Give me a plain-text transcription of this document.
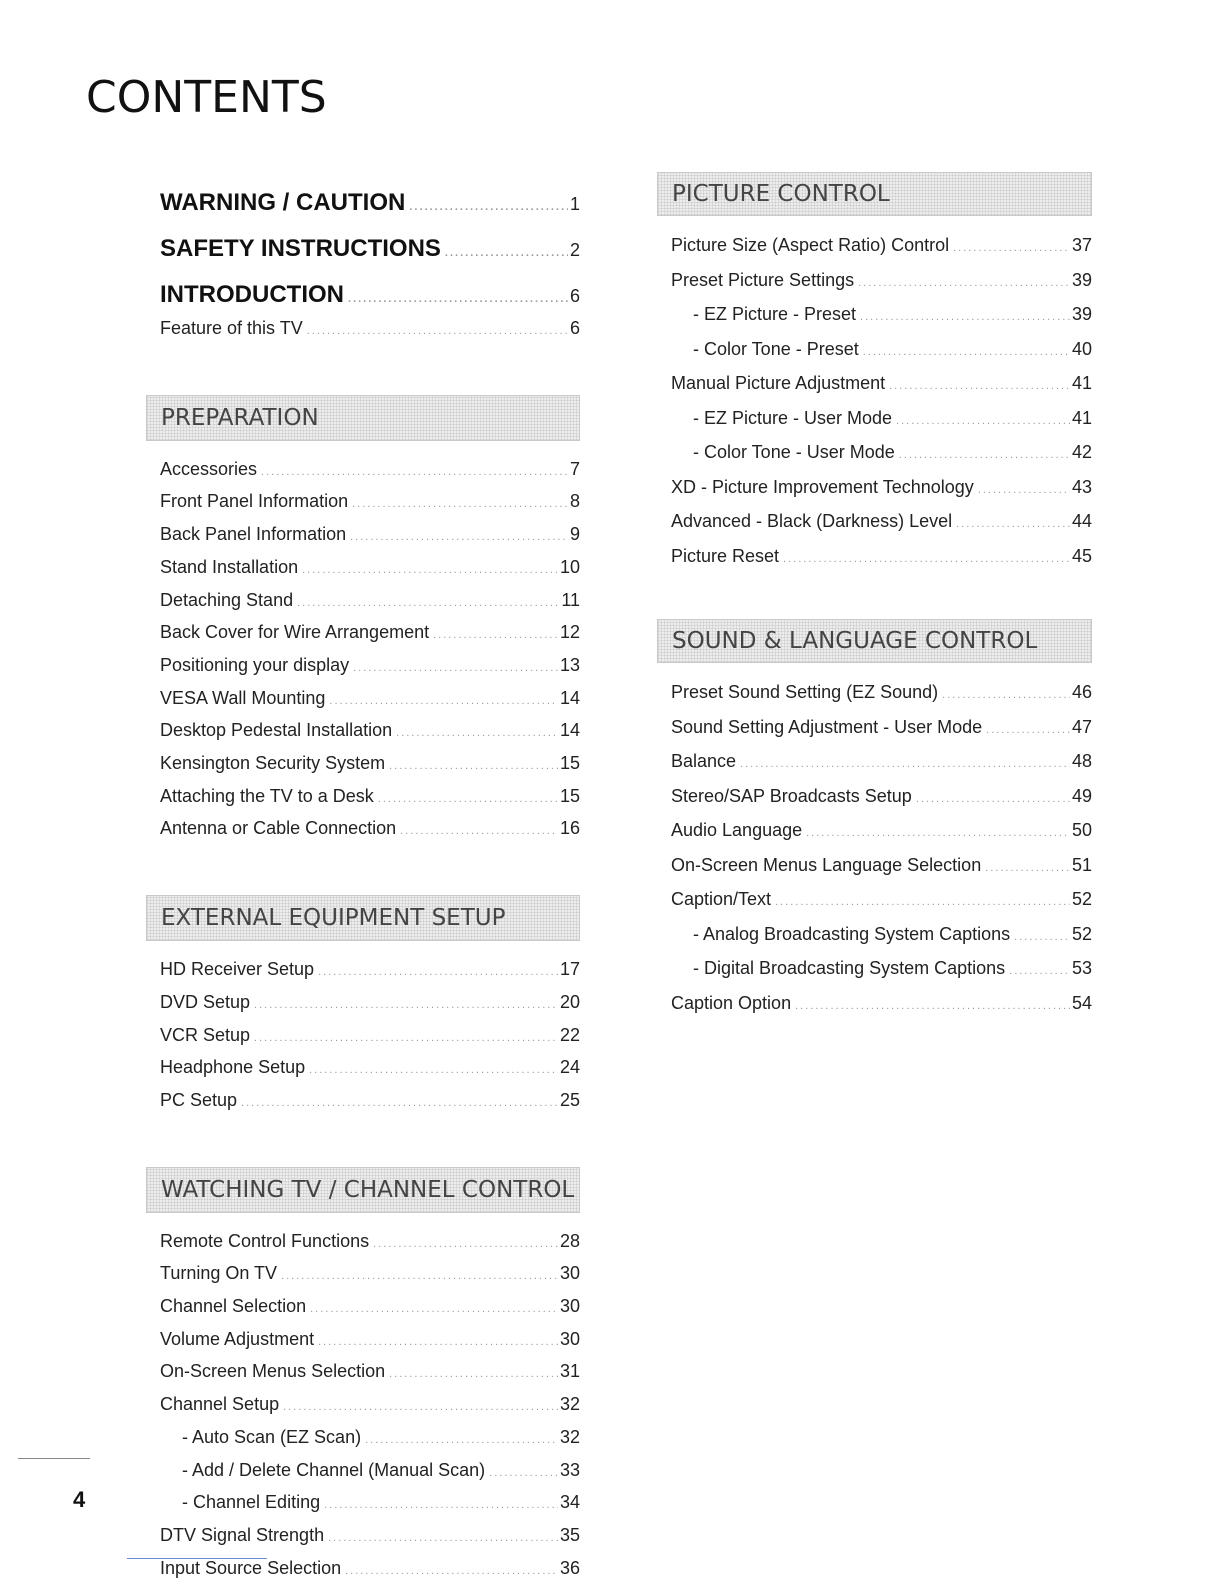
CONTENTS
WARNING / CAUTION .....	1
SAFETY INSTRUCTIONS .....	2
INTRODUCTION .....	6
Feature of this TV .....	6
PREPARATION
Accessories .....	7
Front Panel Information .....	8
Back Panel Information .....	9
Stand Installation .....	10
Detaching Stand .....	11
Back Cover for Wire Arrangement .....	12
Positioning your display .....	13
VESA Wall Mounting .....	14
Desktop Pedestal Installation .....	14
Kensington Security System .....	15
Attaching the TV to a Desk .....	15
Antenna or Cable Connection .....	16
EXTERNAL EQUIPMENT SETUP
HD Receiver Setup .....	17
DVD Setup .....	20
VCR Setup .....	22
Headphone Setup .....	24
PC Setup .....	25
WATCHING TV / CHANNEL CONTROL
Remote Control Functions .....	28
Turning On TV .....	30
Channel Selection .....	30
Volume Adjustment .....	30
On-Screen Menus Selection .....	31
Channel Setup .....	32
- Auto Scan (EZ Scan) .....	32
- Add / Delete Channel (Manual Scan) .....	33
- Channel Editing .....	34
DTV Signal Strength .....	35
Input Source Selection .....	36
PICTURE CONTROL
Picture Size (Aspect Ratio) Control .....	37
Preset Picture Settings .....	39
- EZ Picture - Preset .....	39
- Color Tone - Preset .....	40
Manual Picture Adjustment .....	41
- EZ Picture - User Mode .....	41
- Color Tone - User Mode .....	42
XD - Picture Improvement Technology .....	43
Advanced - Black (Darkness) Level .....	44
Picture Reset .....	45
SOUND & LANGUAGE CONTROL
Preset Sound Setting (EZ Sound) .....	46
Sound Setting Adjustment - User Mode .....	47
Balance .....	48
Stereo/SAP Broadcasts Setup .....	49
Audio Language .....	50
On-Screen Menus Language Selection .....	51
Caption/Text .....	52
- Analog Broadcasting System Captions .....	52
- Digital Broadcasting System Captions .....	53
Caption Option .....	54
4
